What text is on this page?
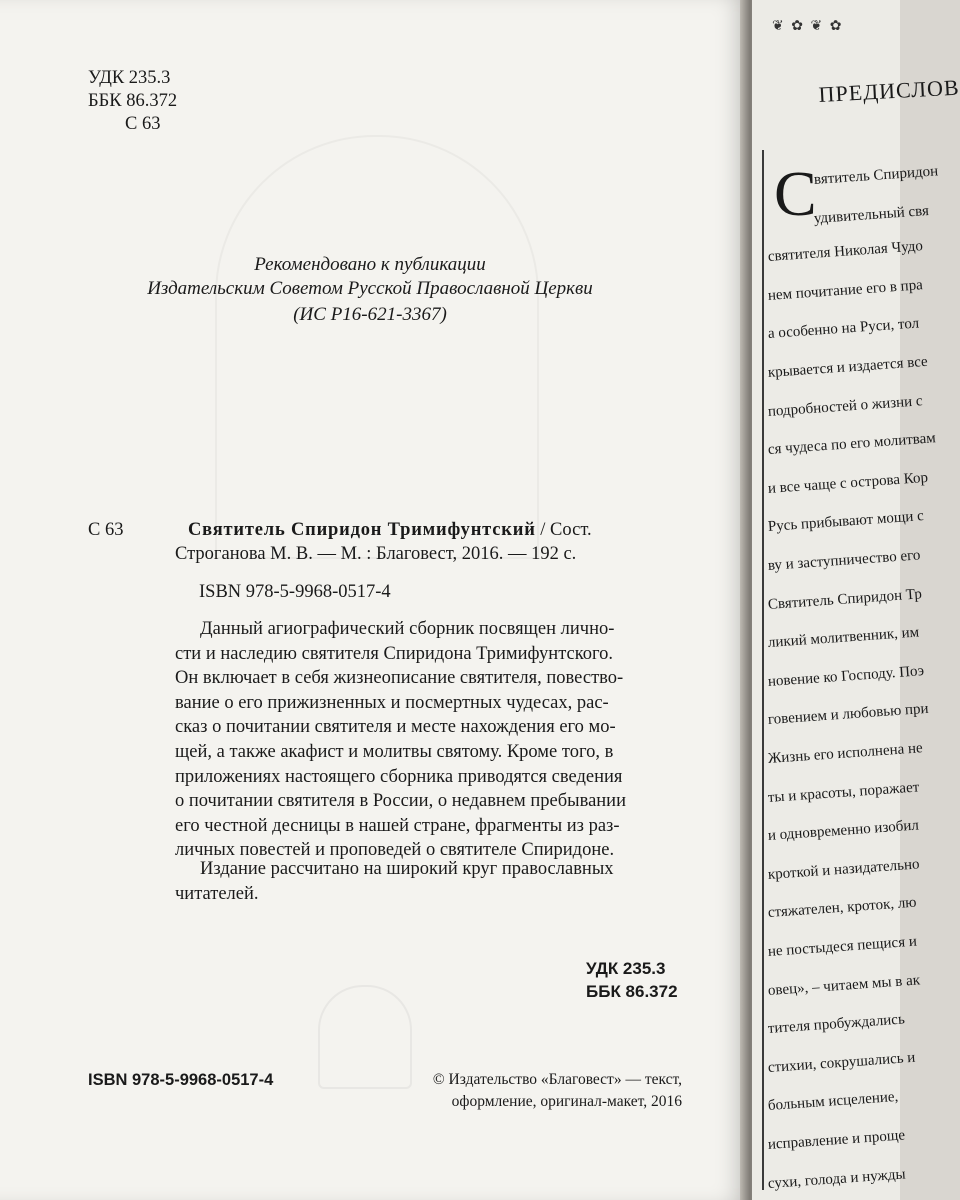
УДК 235.3
ББК 86.372
С 63
Рекомендовано к публикации
Издательским Советом Русской Православной Церкви
(ИС Р16-621-3367)
С 63	Святитель Спиридон Тримифунтский / Сост.
Строганова М. В. — М. : Благовест, 2016. — 192 с.
ISBN 978-5-9968-0517-4
Данный агиографический сборник посвящен лично-
сти и наследию святителя Спиридона Тримифунтского.
Он включает в себя жизнеописание святителя, повество-
вание о его прижизненных и посмертных чудесах, рас-
сказ о почитании святителя и месте нахождения его мо-
щей, а также акафист и молитвы святому. Кроме того, в
приложениях настоящего сборника приводятся сведения
о почитании святителя в России, о недавнем пребывании
его честной десницы в нашей стране, фрагменты из раз-
личных повестей и проповедей о святителе Спиридоне.
Издание рассчитано на широкий круг православных
читателей.
УДК 235.3
ББК 86.372
ISBN 978-5-9968-0517-4	© Издательство «Благовест» — текст,
оформление, оригинал-макет, 2016
❦ ✿ ❦ ✿
ПРЕДИСЛОВ
С
вятитель Спиридон
удивительный свя
святителя Николая Чудо
нем почитание его в пра
а особенно на Руси, тол
крывается и издается все
подробностей о жизни с
ся чудеса по его молитвам
и все чаще с острова Кор
Русь прибывают мощи с
ву и заступничество его
Святитель Спиридон Тр
ликий молитвенник, им
новение ко Господу. Поэ
говением и любовью при
Жизнь его исполнена не
ты и красоты, поражает
и одновременно изобил
кроткой и назидательно
стяжателен, кроток, лю
не постыдеся пещися и
овец», – читаем мы в ак
тителя пробуждались
стихии, сокрушались и
больным исцеление,
исправление и проще
сухи, голода и нужды
